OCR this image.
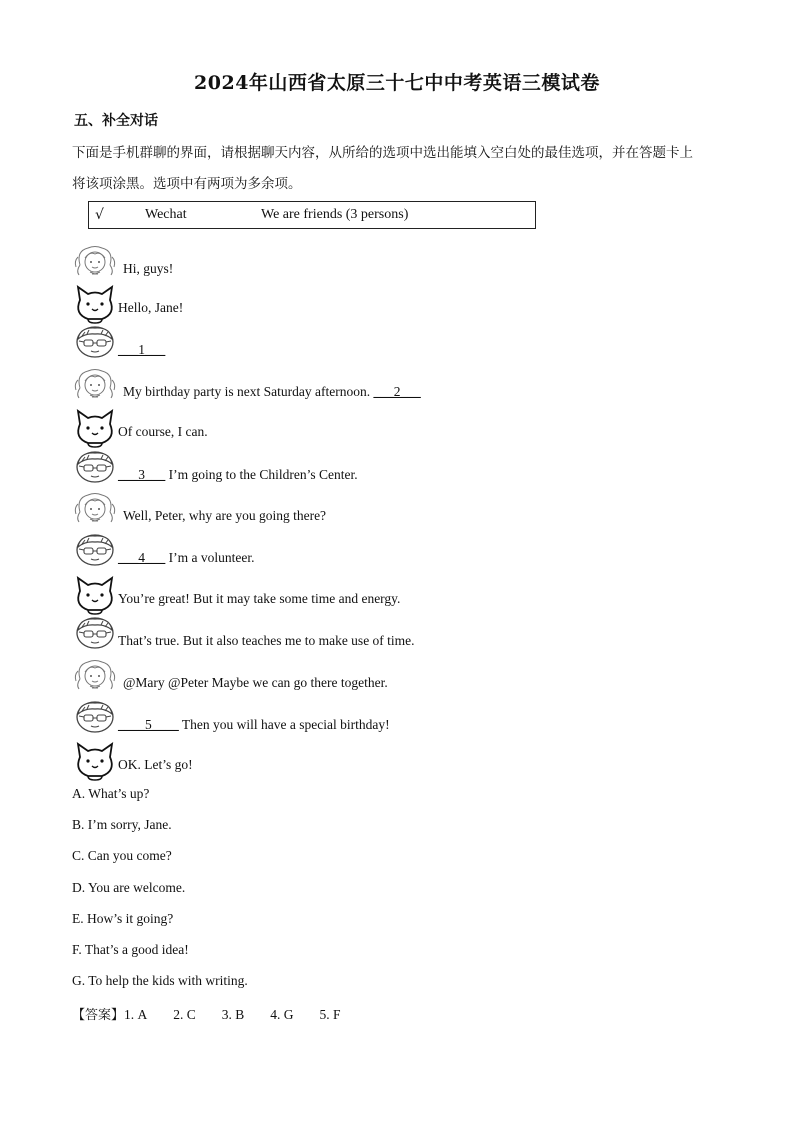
2024年山西省太原三十七中中考英语三模试卷
五、补全对话
下面是手机群聊的界面，请根据聊天内容，从所给的选项中选出能填入空白处的最佳选项，并在答题卡上
将该项涂黑。选项中有两项为多余项。
√	Wechat	We are friends (3 persons)
Hi, guys!
Hello, Jane!
___1___
My birthday party is next Saturday afternoon. ___2___
Of course, I can.
___3___ I’m going to the Children’s Center.
Well, Peter, why are you going there?
___4___ I’m a volunteer.
You’re great! But it may take some time and energy.
That’s true. But it also teaches me to make use of time.
@Mary @Peter Maybe we can go there together.
____5____ Then you will have a special birthday!
OK. Let’s go!
A. What’s up?
B. I’m sorry, Jane.
C. Can you come?
D. You are welcome.
E. How’s it going?
F. That’s a good idea!
G. To help the kids with writing.
【答案】1. A 2. C 3. B 4. G 5. F
